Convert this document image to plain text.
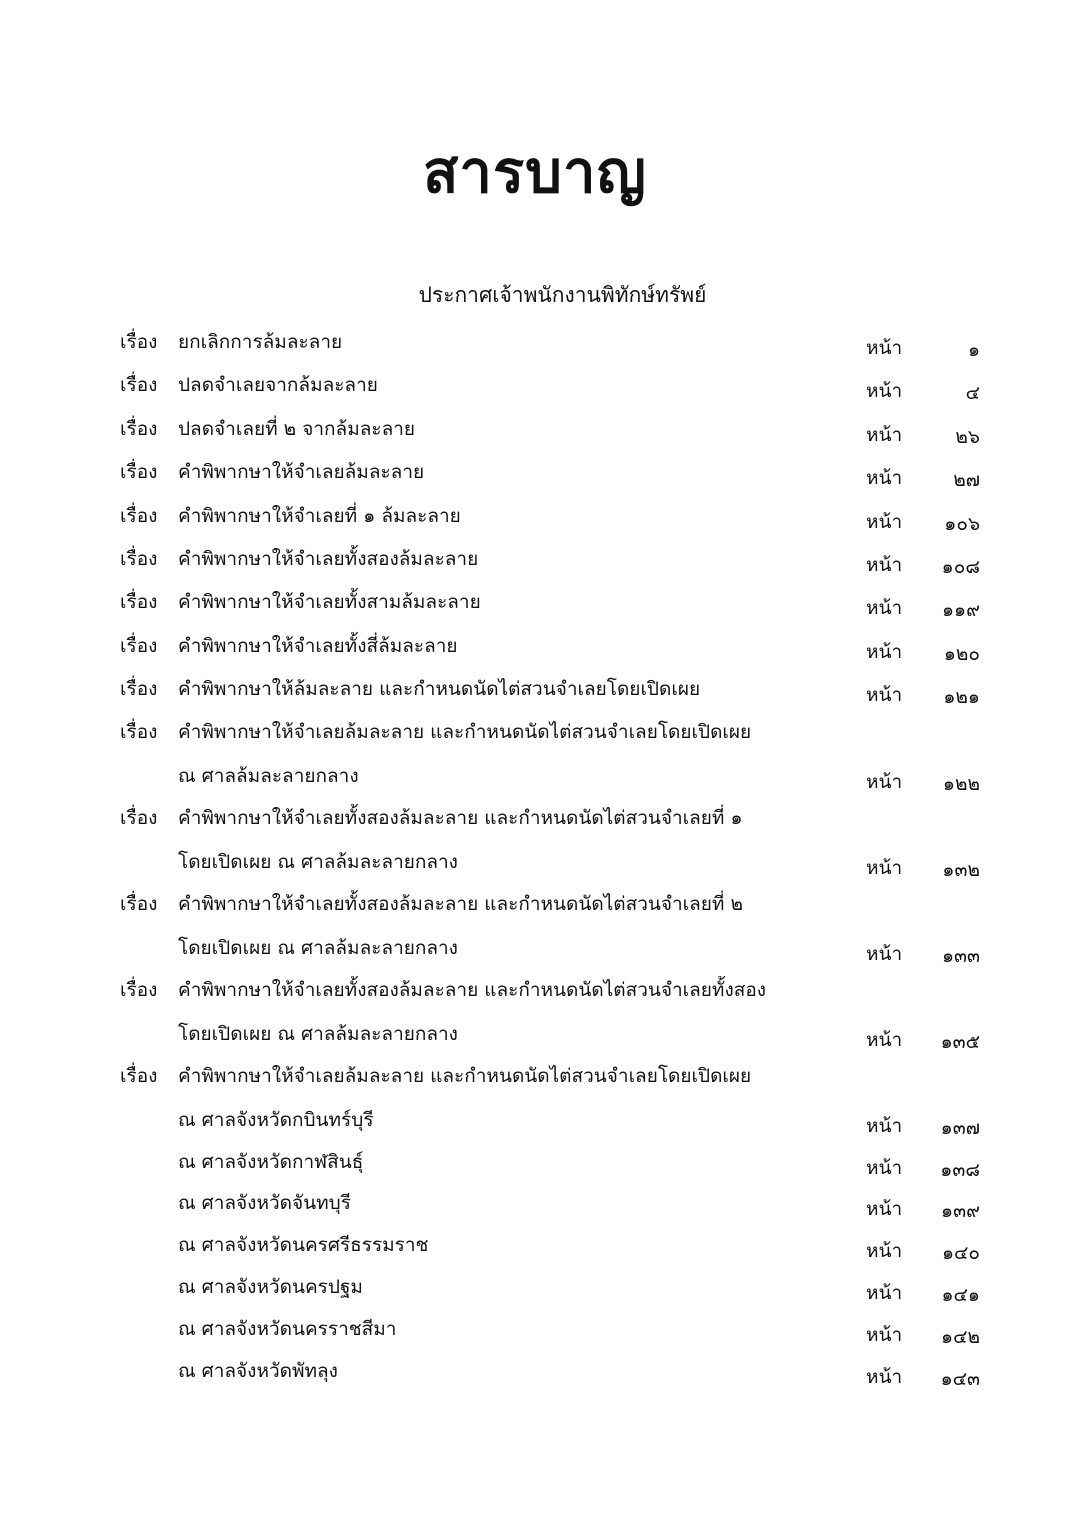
สารบาญ
ประกาศเจ้าพนักงานพิทักษ์ทรัพย์
เรื่อง ยกเลิกการล้มละลาย	หน้า	๑
เรื่อง ปลดจำเลยจากล้มละลาย	หน้า	๔
เรื่อง ปลดจำเลยที่ ๒ จากล้มละลาย	หน้า	๒๖
เรื่อง คำพิพากษาให้จำเลยล้มละลาย	หน้า	๒๗
เรื่อง คำพิพากษาให้จำเลยที่ ๑ ล้มละลาย	หน้า	๑๐๖
เรื่อง คำพิพากษาให้จำเลยทั้งสองล้มละลาย	หน้า	๑๐๘
เรื่อง คำพิพากษาให้จำเลยทั้งสามล้มละลาย	หน้า	๑๑๙
เรื่อง คำพิพากษาให้จำเลยทั้งสี่ล้มละลาย	หน้า	๑๒๐
เรื่อง คำพิพากษาให้ล้มละลาย และกำหนดนัดไต่สวนจำเลยโดยเปิดเผย	หน้า	๑๒๑
เรื่อง คำพิพากษาให้จำเลยล้มละลาย และกำหนดนัดไต่สวนจำเลยโดยเปิดเผย
ณ ศาลล้มละลายกลาง	หน้า	๑๒๒
เรื่อง คำพิพากษาให้จำเลยทั้งสองล้มละลาย และกำหนดนัดไต่สวนจำเลยที่ ๑
โดยเปิดเผย ณ ศาลล้มละลายกลาง	หน้า	๑๓๒
เรื่อง คำพิพากษาให้จำเลยทั้งสองล้มละลาย และกำหนดนัดไต่สวนจำเลยที่ ๒
โดยเปิดเผย ณ ศาลล้มละลายกลาง	หน้า	๑๓๓
เรื่อง คำพิพากษาให้จำเลยทั้งสองล้มละลาย และกำหนดนัดไต่สวนจำเลยทั้งสอง
โดยเปิดเผย ณ ศาลล้มละลายกลาง	หน้า	๑๓๕
เรื่อง คำพิพากษาให้จำเลยล้มละลาย และกำหนดนัดไต่สวนจำเลยโดยเปิดเผย
ณ ศาลจังหวัดกบินทร์บุรี	หน้า	๑๓๗
ณ ศาลจังหวัดกาฬสินธุ์	หน้า	๑๓๘
ณ ศาลจังหวัดจันทบุรี	หน้า	๑๓๙
ณ ศาลจังหวัดนครศรีธรรมราช	หน้า	๑๔๐
ณ ศาลจังหวัดนครปฐม	หน้า	๑๔๑
ณ ศาลจังหวัดนครราชสีมา	หน้า	๑๔๒
ณ ศาลจังหวัดพัทลุง	หน้า	๑๔๓
